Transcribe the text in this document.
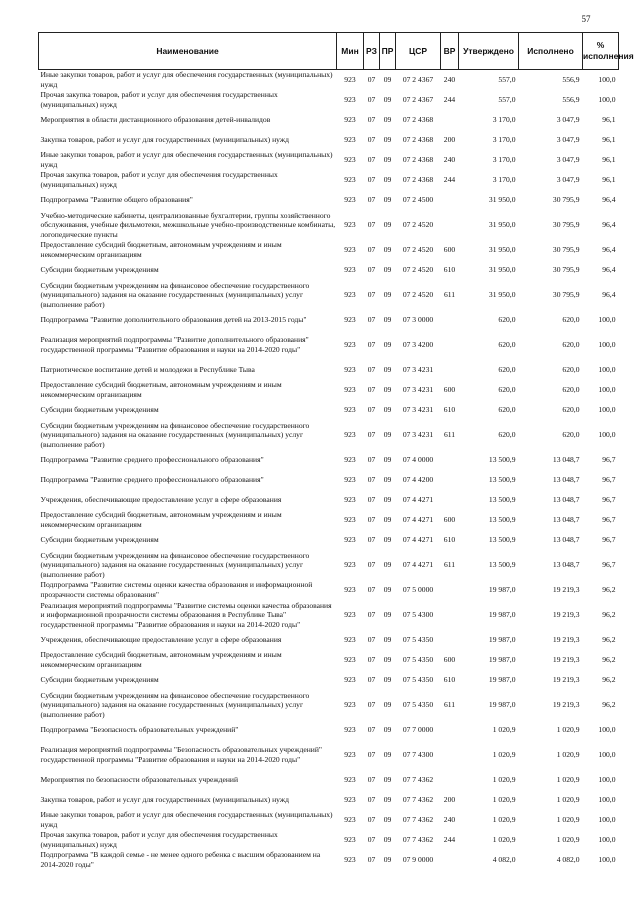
57
Наименование	Мин	РЗ	ПР	ЦСР	ВР	Утверждено	Исполнено	% исполнения
Иные закупки товаров, работ и услуг для обеспечения государственных (муниципальных) нужд	923	07	09	07 2 4367	240	557,0	556,9	100,0
Прочая закупка товаров, работ и услуг для обеспечения государственных (муниципальных) нужд	923	07	09	07 2 4367	244	557,0	556,9	100,0
Мероприятия в области дистанционного образования детей-инвалидов	923	07	09	07 2 4368		3 170,0	3 047,9	96,1
Закупка товаров, работ и услуг для государственных (муниципальных) нужд	923	07	09	07 2 4368	200	3 170,0	3 047,9	96,1
Иные закупки товаров, работ и услуг для обеспечения государственных (муниципальных) нужд	923	07	09	07 2 4368	240	3 170,0	3 047,9	96,1
Прочая закупка товаров, работ и услуг для обеспечения государственных (муниципальных) нужд	923	07	09	07 2 4368	244	3 170,0	3 047,9	96,1
Подпрограмма "Развитие общего образования"	923	07	09	07 2 4500		31 950,0	30 795,9	96,4
Учебно-методические кабинеты, централизованные бухгалтерии, группы хозяйственного обслуживания, учебные фильмотеки, межшкольные учебно-производственные комбинаты, логопедические пункты	923	07	09	07 2 4520		31 950,0	30 795,9	96,4
Предоставление субсидий бюджетным, автономным учреждениям и иным некоммерческим организациям	923	07	09	07 2 4520	600	31 950,0	30 795,9	96,4
Субсидии бюджетным учреждениям	923	07	09	07 2 4520	610	31 950,0	30 795,9	96,4
Субсидии бюджетным учреждениям на финансовое обеспечение государственного (муниципального) задания на оказание государственных (муниципальных) услуг (выполнение работ)	923	07	09	07 2 4520	611	31 950,0	30 795,9	96,4
Подпрограмма "Развитие дополнительного образования детей на 2013-2015 годы"	923	07	09	07 3 0000		620,0	620,0	100,0
Реализация мероприятий подпрограммы "Развитие дополнительного образования" государственной программы "Развитие образования и науки на 2014-2020 годы"	923	07	09	07 3 4200		620,0	620,0	100,0
Патриотическое воспитание детей и молодежи в Республике Тыва	923	07	09	07 3 4231		620,0	620,0	100,0
Предоставление субсидий бюджетным, автономным учреждениям и иным некоммерческим организациям	923	07	09	07 3 4231	600	620,0	620,0	100,0
Субсидии бюджетным учреждениям	923	07	09	07 3 4231	610	620,0	620,0	100,0
Субсидии бюджетным учреждениям на финансовое обеспечение государственного (муниципального) задания на оказание государственных (муниципальных) услуг (выполнение работ)	923	07	09	07 3 4231	611	620,0	620,0	100,0
Подпрограмма "Развитие среднего профессионального образования"	923	07	09	07 4 0000		13 500,9	13 048,7	96,7
Подпрограмма "Развитие среднего профессионального образования"	923	07	09	07 4 4200		13 500,9	13 048,7	96,7
Учреждения, обеспечивающие предоставление услуг в сфере образования	923	07	09	07 4 4271		13 500,9	13 048,7	96,7
Предоставление субсидий бюджетным, автономным учреждениям и иным некоммерческим организациям	923	07	09	07 4 4271	600	13 500,9	13 048,7	96,7
Субсидии бюджетным учреждениям	923	07	09	07 4 4271	610	13 500,9	13 048,7	96,7
Субсидии бюджетным учреждениям на финансовое обеспечение государственного (муниципального) задания на оказание государственных (муниципальных) услуг (выполнение работ)	923	07	09	07 4 4271	611	13 500,9	13 048,7	96,7
Подпрограмма "Развитие системы оценки качества образования и информационной прозрачности системы образования"	923	07	09	07 5 0000		19 987,0	19 219,3	96,2
Реализация мероприятий подпрограммы "Развитие системы оценки качества образования и информационной прозрачности системы образования в Республике Тыва" государственной программы "Развитие образования и науки на 2014-2020 годы"	923	07	09	07 5 4300		19 987,0	19 219,3	96,2
Учреждения, обеспечивающие предоставление услуг в сфере образования	923	07	09	07 5 4350		19 987,0	19 219,3	96,2
Предоставление субсидий бюджетным, автономным учреждениям и иным некоммерческим организациям	923	07	09	07 5 4350	600	19 987,0	19 219,3	96,2
Субсидии бюджетным учреждениям	923	07	09	07 5 4350	610	19 987,0	19 219,3	96,2
Субсидии бюджетным учреждениям на финансовое обеспечение государственного (муниципального) задания на оказание государственных (муниципальных) услуг (выполнение работ)	923	07	09	07 5 4350	611	19 987,0	19 219,3	96,2
Подпрограмма "Безопасность образовательных учреждений"	923	07	09	07 7 0000		1 020,9	1 020,9	100,0
Реализация мероприятий подпрограммы "Безопасность образовательных учреждений" государственной программы "Развитие образования и науки на 2014-2020 годы"	923	07	09	07 7 4300		1 020,9	1 020,9	100,0
Мероприятия по безопасности образовательных учреждений	923	07	09	07 7 4362		1 020,9	1 020,9	100,0
Закупка товаров, работ и услуг для государственных (муниципальных) нужд	923	07	09	07 7 4362	200	1 020,9	1 020,9	100,0
Иные закупки товаров, работ и услуг для обеспечения государственных (муниципальных) нужд	923	07	09	07 7 4362	240	1 020,9	1 020,9	100,0
Прочая закупка товаров, работ и услуг для обеспечения государственных (муниципальных) нужд	923	07	09	07 7 4362	244	1 020,9	1 020,9	100,0
Подпрограмма "В каждой семье - не менее одного ребенка с высшим образованием на 2014-2020 годы"	923	07	09	07 9 0000		4 082,0	4 082,0	100,0
